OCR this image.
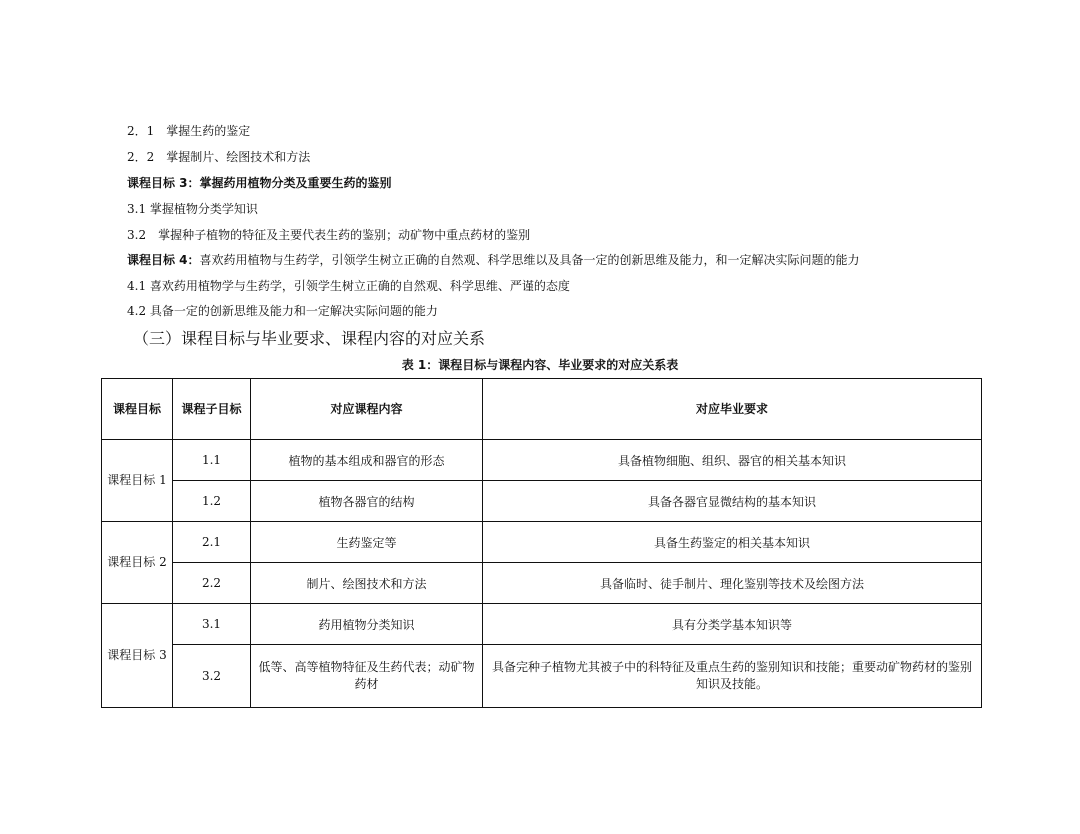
2．1　掌握生药的鉴定
2．2　掌握制片、绘图技术和方法
课程目标 3：掌握药用植物分类及重要生药的鉴别
3.1 掌握植物分类学知识
3.2　掌握种子植物的特征及主要代表生药的鉴别；动矿物中重点药材的鉴别
课程目标 4：喜欢药用植物与生药学，引领学生树立正确的自然观、科学思维以及具备一定的创新思维及能力，和一定解决实际问题的能力
4.1 喜欢药用植物学与生药学，引领学生树立正确的自然观、科学思维、严谨的态度
4.2 具备一定的创新思维及能力和一定解决实际问题的能力
（三）课程目标与毕业要求、课程内容的对应关系
表 1：课程目标与课程内容、毕业要求的对应关系表
课程目标	课程子目标	对应课程内容	对应毕业要求
课程目标 1	1.1	植物的基本组成和器官的形态	具备植物细胞、组织、器官的相关基本知识
	1.2	植物各器官的结构	具备各器官显微结构的基本知识
课程目标 2	2.1	生药鉴定等	具备生药鉴定的相关基本知识
	2.2	制片、绘图技术和方法	具备临时、徒手制片、理化鉴别等技术及绘图方法
课程目标 3	3.1	药用植物分类知识	具有分类学基本知识等
	3.2	低等、高等植物特征及生药代表；动矿物药材	具备完种子植物尤其被子中的科特征及重点生药的鉴别知识和技能；重要动矿物药材的鉴别知识及技能。
